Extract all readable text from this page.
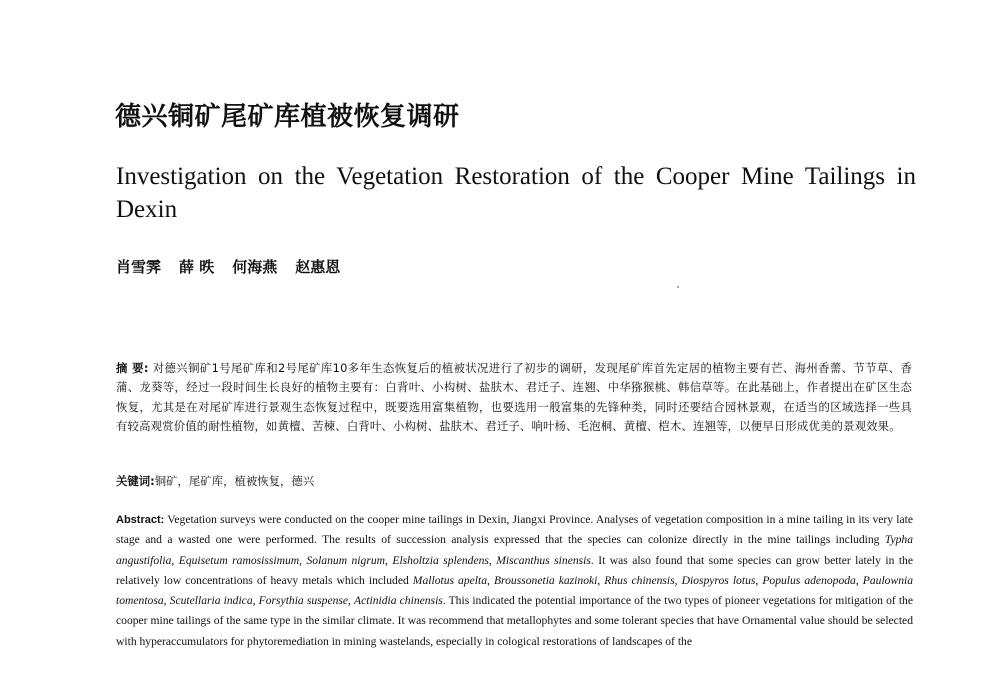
德兴铜矿尾矿库植被恢复调研
Investigation on the Vegetation Restoration of the Cooper Mine Tailings in Dexin
肖雪霁 薛 昳 何海燕 赵惠恩
摘 要: 对德兴铜矿1号尾矿库和2号尾矿库10多年生态恢复后的植被状况进行了初步的调研，发现尾矿库首先定居的植物主要有芒、海州香薷、节节草、香蒲、龙葵等，经过一段时间生长良好的植物主要有：白背叶、小构树、盐肤木、君迁子、连翘、中华猕猴桃、韩信草等。在此基础上，作者提出在矿区生态恢复，尤其是在对尾矿库进行景观生态恢复过程中，既要选用富集植物，也要选用一般富集的先锋种类，同时还要结合园林景观，在适当的区域选择一些具有较高观赏价值的耐性植物，如黄檀、苦楝、白背叶、小构树、盐肤木、君迁子、响叶杨、毛泡桐、黄檀、桤木、连翘等，以便早日形成优美的景观效果。
关键词:铜矿，尾矿库，植被恢复，德兴
Abstract: Vegetation surveys were conducted on the cooper mine tailings in Dexin, Jiangxi Province. Analyses of vegetation composition in a mine tailing in its very late stage and a wasted one were performed. The results of succession analysis expressed that the species can colonize directly in the mine tailings including Typha angustifolia, Equisetum ramosissimum, Solanum nigrum, Elsholtzia splendens, Miscanthus sinensis. It was also found that some species can grow better lately in the relatively low concentrations of heavy metals which included Mallotus apelta, Broussonetia kazinoki, Rhus chinensis, Diospyros lotus, Populus adenopoda, Paulownia tomentosa, Scutellaria indica, Forsythia suspense, Actinidia chinensis. This indicated the potential importance of the two types of pioneer vegetations for mitigation of the cooper mine tailings of the same type in the similar climate. It was recommend that metallophytes and some tolerant species that have Ornamental value should be selected with hyperaccumulators for phytoremediation in mining wastelands, especially in cological restorations of landscapes of the
